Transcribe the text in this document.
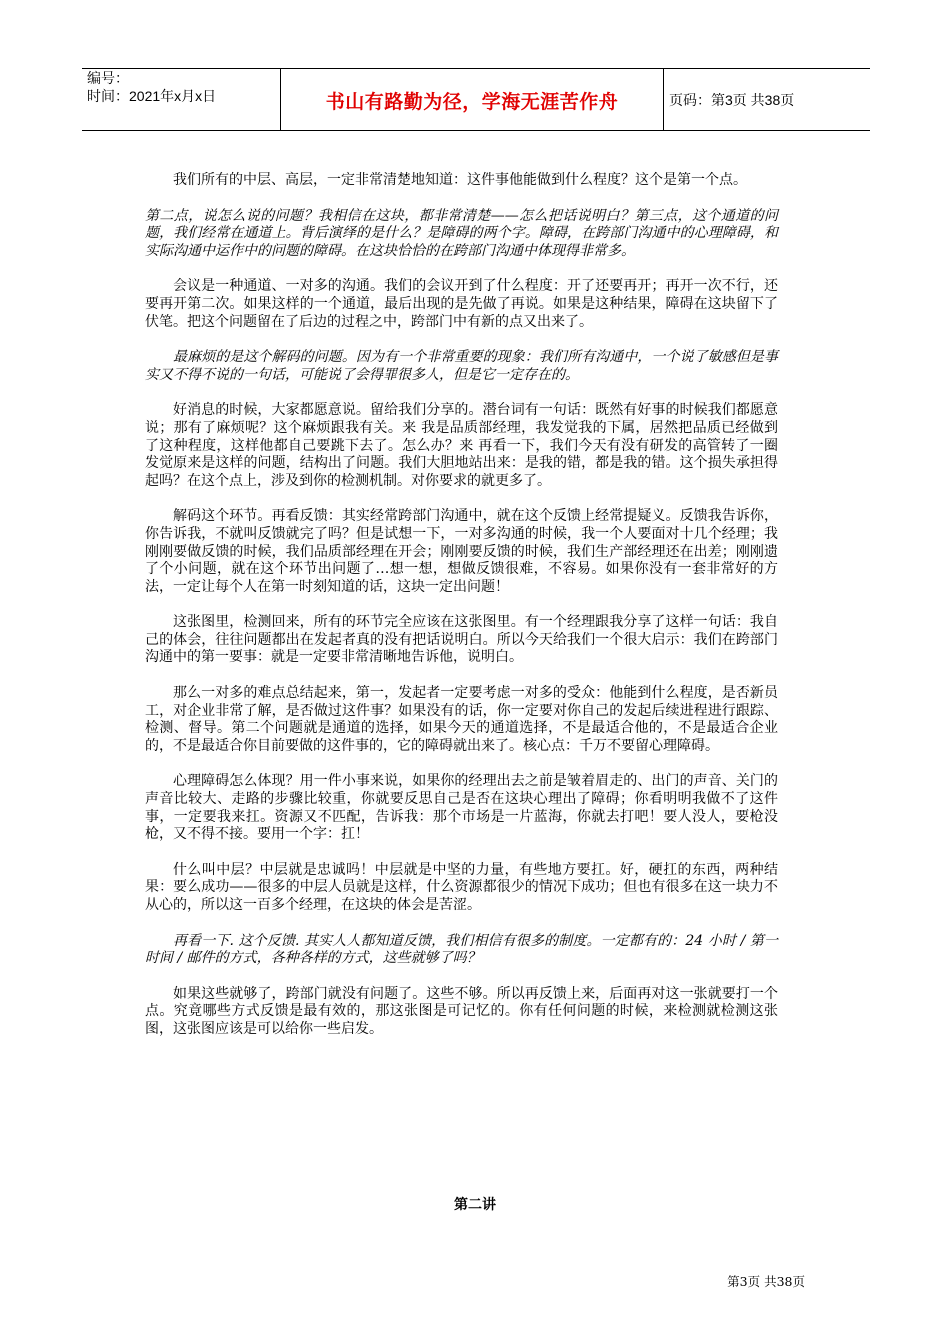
编号：
时间：2021年x月x日	书山有路勤为径，学海无涯苦作舟	页码：第3页 共38页

我们所有的中层、高层，一定非常清楚地知道：这件事他能做到什么程度？这个是第一个点。

第二点，说怎么说的问题？我相信在这块，都非常清楚——怎么把话说明白？第三点，这个通道的问题，我们经常在通道上。背后演绎的是什么？是障碍的两个字。障碍，在跨部门沟通中的心理障碍，和实际沟通中运作中的问题的障碍。在这块恰恰的在跨部门沟通中体现得非常多。

会议是一种通道、一对多的沟通。我们的会议开到了什么程度：开了还要再开；再开一次不行，还要再开第二次。如果这样的一个通道，最后出现的是先做了再说。如果是这种结果，障碍在这块留下了伏笔。把这个问题留在了后边的过程之中，跨部门中有新的点又出来了。

最麻烦的是这个解码的问题。因为有一个非常重要的现象：我们所有沟通中，一个说了敏感但是事实又不得不说的一句话，可能说了会得罪很多人，但是它一定存在的。

好消息的时候，大家都愿意说。留给我们分享的。潜台词有一句话：既然有好事的时候我们都愿意说；那有了麻烦呢？这个麻烦跟我有关。来 我是品质部经理，我发觉我的下属，居然把品质已经做到了这种程度，这样他都自己要跳下去了。怎么办？来 再看一下，我们今天有没有研发的高管转了一圈发觉原来是这样的问题，结构出了问题。我们大胆地站出来：是我的错，都是我的错。这个损失承担得起吗？在这个点上，涉及到你的检测机制。对你要求的就更多了。

解码这个环节。再看反馈：其实经常跨部门沟通中，就在这个反馈上经常提疑义。反馈我告诉你，你告诉我，不就叫反馈就完了吗？但是试想一下，一对多沟通的时候，我一个人要面对十几个经理；我刚刚要做反馈的时候，我们品质部经理在开会；刚刚要反馈的时候，我们生产部经理还在出差；刚刚遗了个小问题，就在这个环节出问题了…想一想，想做反馈很难，不容易。如果你没有一套非常好的方法，一定让每个人在第一时刻知道的话，这块一定出问题！

这张图里，检测回来，所有的环节完全应该在这张图里。有一个经理跟我分享了这样一句话：我自己的体会，往往问题都出在发起者真的没有把话说明白。所以今天给我们一个很大启示：我们在跨部门沟通中的第一要事：就是一定要非常清晰地告诉他，说明白。

那么一对多的难点总结起来，第一，发起者一定要考虑一对多的受众：他能到什么程度，是否新员工，对企业非常了解，是否做过这件事？如果没有的话，你一定要对你自己的发起后续进程进行跟踪、检测、督导。第二个问题就是通道的选择，如果今天的通道选择，不是最适合他的，不是最适合企业的，不是最适合你目前要做的这件事的，它的障碍就出来了。核心点：千万不要留心理障碍。

心理障碍怎么体现？用一件小事来说，如果你的经理出去之前是皱着眉走的、出门的声音、关门的声音比较大、走路的步骤比较重，你就要反思自己是否在这块心理出了障碍；你看明明我做不了这件事，一定要我来扛。资源又不匹配，告诉我：那个市场是一片蓝海，你就去打吧！要人没人，要枪没枪，又不得不接。要用一个字：扛！

什么叫中层？中层就是忠诚吗！中层就是中坚的力量，有些地方要扛。好，硬扛的东西，两种结果：要么成功——很多的中层人员就是这样，什么资源都很少的情况下成功；但也有很多在这一块力不从心的，所以这一百多个经理，在这块的体会是苦涩。

再看一下. 这个反馈. 其实人人都知道反馈，我们相信有很多的制度。一定都有的：24 小时 / 第一时间 / 邮件的方式，各种各样的方式，这些就够了吗？

如果这些就够了，跨部门就没有问题了。这些不够。所以再反馈上来，后面再对这一张就要打一个点。究竟哪些方式反馈是最有效的，那这张图是可记忆的。你有任何问题的时候，来检测就检测这张图，这张图应该是可以给你一些启发。

第二讲
第3页 共38页
